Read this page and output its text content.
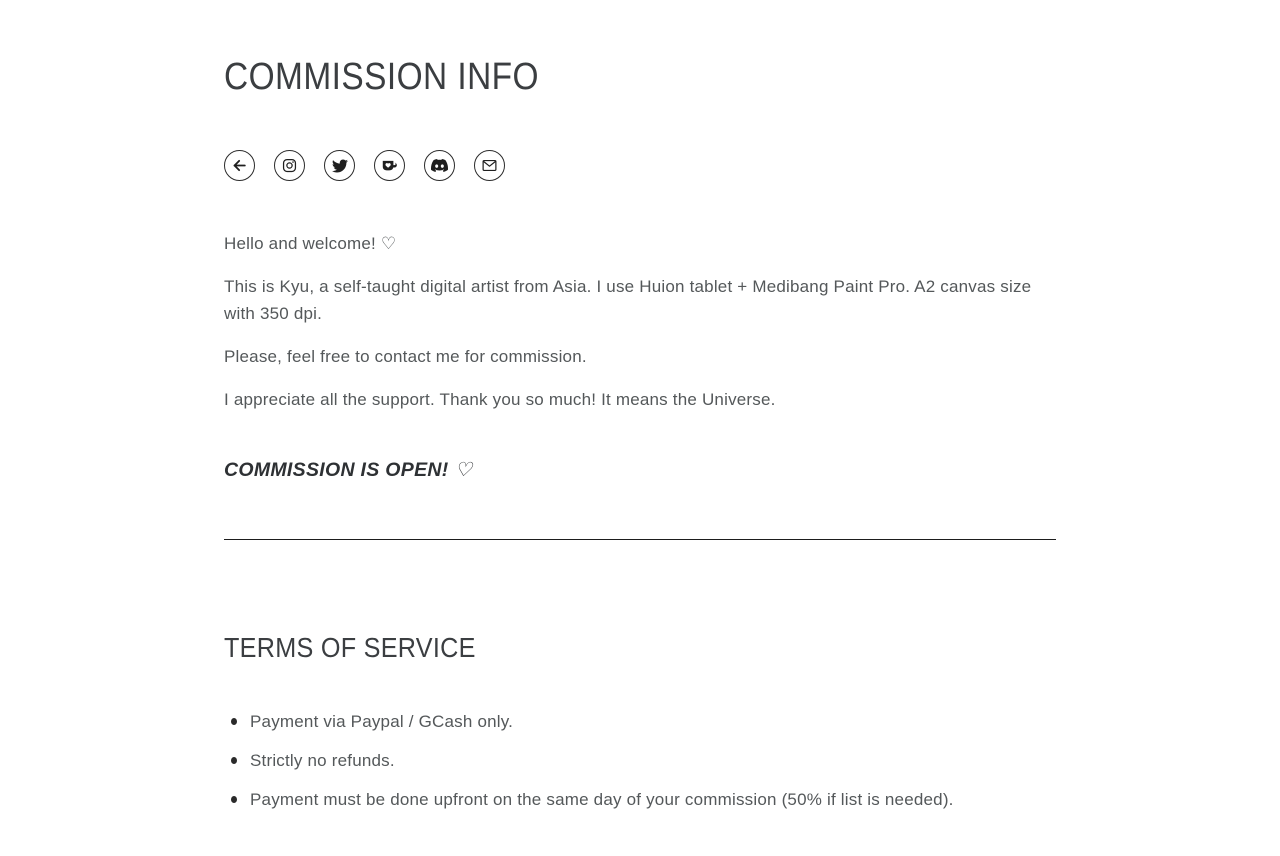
COMMISSION INFO

Hello and welcome! ♡

This is Kyu, a self-taught digital artist from Asia. I use Huion tablet + Medibang Paint Pro. A2 canvas size with 350 dpi.

Please, feel free to contact me for commission.

I appreciate all the support. Thank you so much! It means the Universe.

COMMISSION IS OPEN! ♡

TERMS OF SERVICE
Payment via Paypal / GCash only.
Strictly no refunds.
Payment must be done upfront on the same day of your commission (50% if list is needed).
